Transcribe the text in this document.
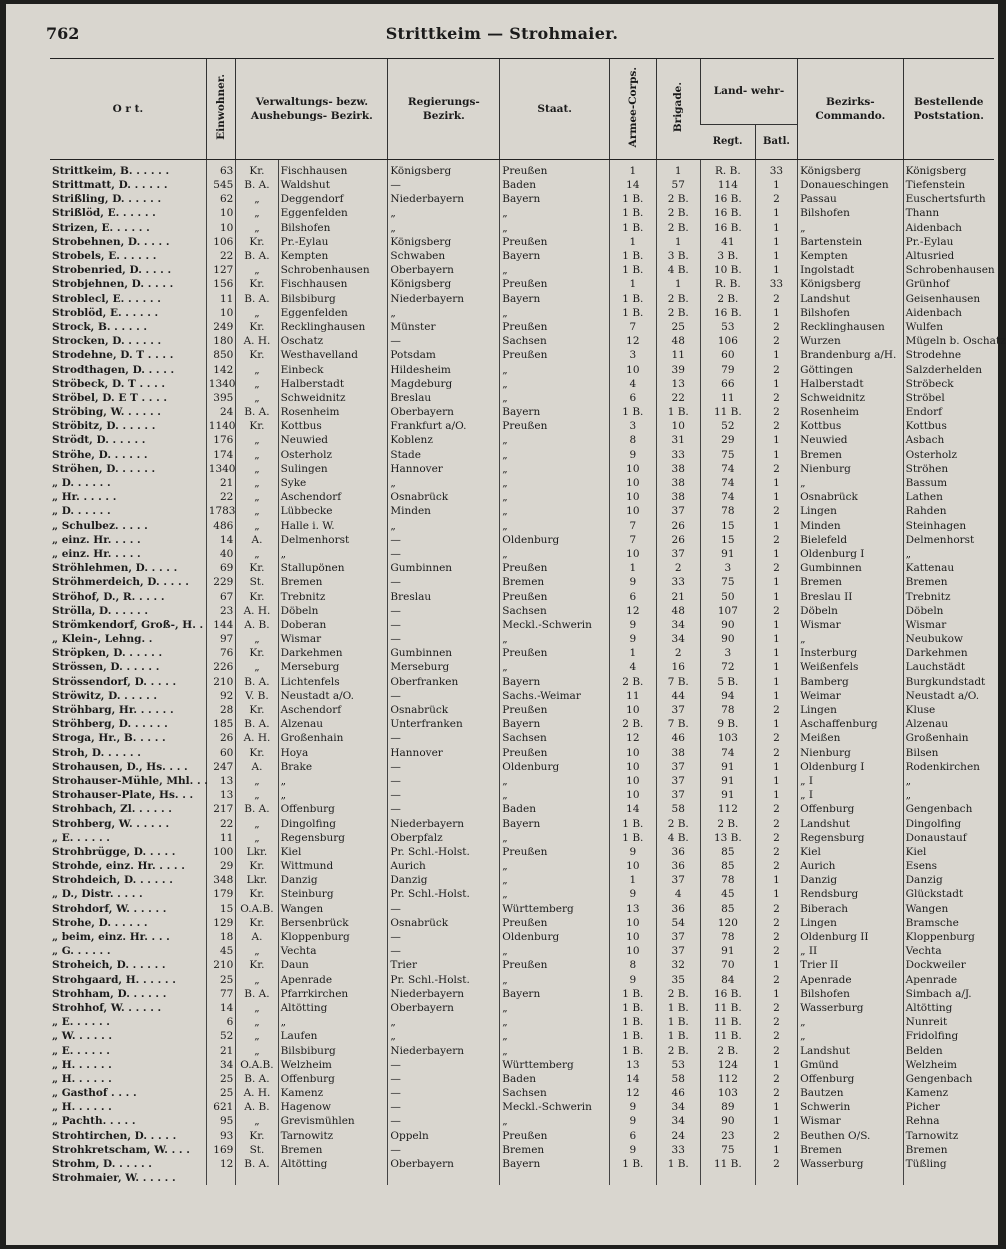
762	Strittkeim — Strohmaier.
O r t.	Einwohner.	Verwaltungs- bezw. Aushebungs- Bezirk.		Regierungs- Bezirk.	Staat.	Armee-Corps.	Brigade.	Land- wehr-		Bezirks- Commando.	Bestellende Poststation.
								Regt.	Batl.		
Strittkeim, B. . . . . .	63	Kr.	Fischhausen	Königsberg	Preußen	1	1	R. B.	33	Königsberg	Königsberg
Strittmatt, D. . . . . .	545	B. A.	Waldshut	—	Baden	14	57	114	1	Donaueschingen	Tiefenstein
Strißling, D. . . . . .	62	„	Deggendorf	Niederbayern	Bayern	1 B.	2 B.	16 B.	2	Passau	Euschertsfurth
Strißlöd, E. . . . . .	10	„	Eggenfelden	„	„	1 B.	2 B.	16 B.	1	Bilshofen	Thann
Strizen, E. . . . . .	10	„	Bilshofen	„	„	1 B.	2 B.	16 B.	1	„	Aidenbach
Strobehnen, D. . . . .	106	Kr.	Pr.-Eylau	Königsberg	Preußen	1	1	41	1	Bartenstein	Pr.-Eylau
Strobels, E. . . . . .	22	B. A.	Kempten	Schwaben	Bayern	1 B.	3 B.	3 B.	1	Kempten	Altusried
Strobenried, D. . . . .	127	„	Schrobenhausen	Oberbayern	„	1 B.	4 B.	10 B.	1	Ingolstadt	Schrobenhausen
Strobjehnen, D. . . . .	156	Kr.	Fischhausen	Königsberg	Preußen	1	1	R. B.	33	Königsberg	Grünhof
Stroblecl, E. . . . . .	11	B. A.	Bilsbiburg	Niederbayern	Bayern	1 B.	2 B.	2 B.	2	Landshut	Geisenhausen
Stroblöd, E. . . . . .	10	„	Eggenfelden	„	„	1 B.	2 B.	16 B.	1	Bilshofen	Aidenbach
Strock, B. . . . . .	249	Kr.	Recklinghausen	Münster	Preußen	7	25	53	2	Recklinghausen	Wulfen
Strocken, D. . . . . .	180	A. H.	Oschatz	—	Sachsen	12	48	106	2	Wurzen	Mügeln b. Oschatz
Strodehne, D. T . . . .	850	Kr.	Westhavelland	Potsdam	Preußen	3	11	60	1	Brandenburg a/H.	Strodehne
Strodthagen, D. . . . .	142	„	Einbeck	Hildesheim	„	10	39	79	2	Göttingen	Salzderhelden
Ströbeck, D. T . . . .	1340	„	Halberstadt	Magdeburg	„	4	13	66	1	Halberstadt	Ströbeck
Ströbel, D. E T . . . .	395	„	Schweidnitz	Breslau	„	6	22	11	2	Schweidnitz	Ströbel
Ströbing, W. . . . . .	24	B. A.	Rosenheim	Oberbayern	Bayern	1 B.	1 B.	11 B.	2	Rosenheim	Endorf
Ströbitz, D. . . . . .	1140	Kr.	Kottbus	Frankfurt a/O.	Preußen	3	10	52	2	Kottbus	Kottbus
Strödt, D. . . . . .	176	„	Neuwied	Koblenz	„	8	31	29	1	Neuwied	Asbach
Ströhe, D. . . . . .	174	„	Osterholz	Stade	„	9	33	75	1	Bremen	Osterholz
Ströhen, D. . . . . .	1340	„	Sulingen	Hannover	„	10	38	74	2	Nienburg	Ströhen
„ D. . . . . .	21	„	Syke	„	„	10	38	74	1	„	Bassum
„ Hr. . . . . .	22	„	Aschendorf	Osnabrück	„	10	38	74	1	Osnabrück	Lathen
„ D. . . . . .	1783	„	Lübbecke	Minden	„	10	37	78	2	Lingen	Rahden
„ Schulbez. . . . .	486	„	Halle i. W.	„	„	7	26	15	1	Minden	Steinhagen
„ einz. Hr. . . . .	14	A.	Delmenhorst	—	Oldenburg	7	26	15	2	Bielefeld	Delmenhorst
„ einz. Hr. . . . .	40	„	„	—	„	10	37	91	1	Oldenburg I	„
Ströhlehmen, D. . . . .	69	Kr.	Stallupönen	Gumbinnen	Preußen	1	2	3	2	Gumbinnen	Kattenau
Ströhmerdeich, D. . . . .	229	St.	Bremen	—	Bremen	9	33	75	1	Bremen	Bremen
Ströhof, D., R. . . . .	67	Kr.	Trebnitz	Breslau	Preußen	6	21	50	1	Breslau II	Trebnitz
Strölla, D. . . . . .	23	A. H.	Döbeln	—	Sachsen	12	48	107	2	Döbeln	Döbeln
Strömkendorf, Groß-, H. .	144	A. B.	Doberan	—	Meckl.-Schwerin	9	34	90	1	Wismar	Wismar
„ Klein-, Lehng. .	97	„	Wismar	—	„	9	34	90	1	„	Neubukow
Ströpken, D. . . . . .	76	Kr.	Darkehmen	Gumbinnen	Preußen	1	2	3	1	Insterburg	Darkehmen
Strössen, D. . . . . .	226	„	Merseburg	Merseburg	„	4	16	72	1	Weißenfels	Lauchstädt
Strössendorf, D. . . . .	210	B. A.	Lichtenfels	Oberfranken	Bayern	2 B.	7 B.	5 B.	1	Bamberg	Burgkundstadt
Ströwitz, D. . . . . .	92	V. B.	Neustadt a/O.	—	Sachs.-Weimar	11	44	94	1	Weimar	Neustadt a/O.
Ströhbarg, Hr. . . . . .	28	Kr.	Aschendorf	Osnabrück	Preußen	10	37	78	2	Lingen	Kluse
Ströhberg, D. . . . . .	185	B. A.	Alzenau	Unterfranken	Bayern	2 B.	7 B.	9 B.	1	Aschaffenburg	Alzenau
Stroga, Hr., B. . . . .	26	A. H.	Großenhain	—	Sachsen	12	46	103	2	Meißen	Großenhain
Stroh, D. . . . . .	60	Kr.	Hoya	Hannover	Preußen	10	38	74	2	Nienburg	Bilsen
Strohausen, D., Hs. . . .	247	A.	Brake	—	Oldenburg	10	37	91	1	Oldenburg I	Rodenkirchen
Strohauser-Mühle, Mhl. . .	13	„	„	—	„	10	37	91	1	„ I	„
Strohauser-Plate, Hs. . .	13	„	„	—	„	10	37	91	1	„ I	„
Strohbach, Zl. . . . . .	217	B. A.	Offenburg	—	Baden	14	58	112	2	Offenburg	Gengenbach
Strohberg, W. . . . . .	22	„	Dingolfing	Niederbayern	Bayern	1 B.	2 B.	2 B.	2	Landshut	Dingolfing
„ E. . . . . .	11	„	Regensburg	Oberpfalz	„	1 B.	4 B.	13 B.	2	Regensburg	Donaustauf
Strohbrügge, D. . . . .	100	Lkr.	Kiel	Pr. Schl.-Holst.	Preußen	9	36	85	2	Kiel	Kiel
Strohde, einz. Hr. . . . .	29	Kr.	Wittmund	Aurich	„	10	36	85	2	Aurich	Esens
Strohdeich, D. . . . . .	348	Lkr.	Danzig	Danzig	„	1	37	78	1	Danzig	Danzig
„ D., Distr. . . . .	179	Kr.	Steinburg	Pr. Schl.-Holst.	„	9	4	45	1	Rendsburg	Glückstadt
Strohdorf, W. . . . . .	15	O.A.B.	Wangen	—	Württemberg	13	36	85	2	Biberach	Wangen
Strohe, D. . . . . .	129	Kr.	Bersenbrück	Osnabrück	Preußen	10	54	120	2	Lingen	Bramsche
„ beim, einz. Hr. . . .	18	A.	Kloppenburg	—	Oldenburg	10	37	78	2	Oldenburg II	Kloppenburg
„ G. . . . . .	45	„	Vechta	—	„	10	37	91	2	„ II	Vechta
Stroheich, D. . . . . .	210	Kr.	Daun	Trier	Preußen	8	32	70	1	Trier II	Dockweiler
Strohgaard, H. . . . . .	25	„	Apenrade	Pr. Schl.-Holst.	„	9	35	84	2	Apenrade	Apenrade
Strohham, D. . . . . .	77	B. A.	Pfarrkirchen	Niederbayern	Bayern	1 B.	2 B.	16 B.	1	Bilshofen	Simbach a/J.
Strohhof, W. . . . . .	14	„	Altötting	Oberbayern	„	1 B.	1 B.	11 B.	2	Wasserburg	Altötting
„ E. . . . . .	6	„	„	„	„	1 B.	1 B.	11 B.	2	„	Nunreit
„ W. . . . . .	52	„	Laufen	„	„	1 B.	1 B.	11 B.	2	„	Fridolfing
„ E. . . . . .	21	„	Bilsbiburg	Niederbayern	„	1 B.	2 B.	2 B.	2	Landshut	Belden
„ H. . . . . .	34	O.A.B.	Welzheim	—	Württemberg	13	53	124	1	Gmünd	Welzheim
„ H. . . . . .	25	B. A.	Offenburg	—	Baden	14	58	112	2	Offenburg	Gengenbach
„ Gasthof . . . .	25	A. H.	Kamenz	—	Sachsen	12	46	103	2	Bautzen	Kamenz
„ H. . . . . .	621	A. B.	Hagenow	—	Meckl.-Schwerin	9	34	89	1	Schwerin	Picher
„ Pachth. . . . .	95	„	Grevismühlen	—	„	9	34	90	1	Wismar	Rehna
Strohtirchen, D. . . . .	93	Kr.	Tarnowitz	Oppeln	Preußen	6	24	23	2	Beuthen O/S.	Tarnowitz
Strohkretscham, W. . . .	169	St.	Bremen	—	Bremen	9	33	75	1	Bremen	Bremen
Strohm, D. . . . . .	12	B. A.	Altötting	Oberbayern	Bayern	1 B.	1 B.	11 B.	2	Wasserburg	Tüßling
Strohmaier, W. . . . . .											
